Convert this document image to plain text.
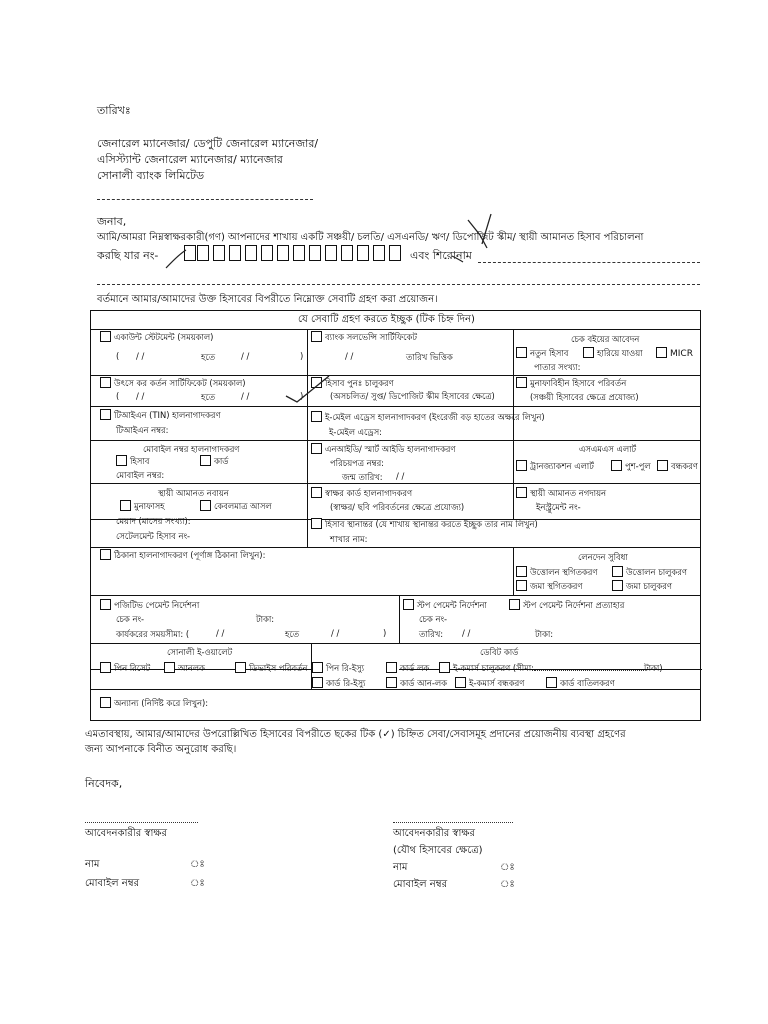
তারিখঃ
জেনারেল ম্যানেজার/ ডেপুটি জেনারেল ম্যানেজার/
এসিস্ট্যান্ট জেনারেল ম্যানেজার/ ম্যানেজার
সোনালী ব্যাংক লিমিটেড
জনাব,
আমি/আমরা নিম্নস্বাক্ষরকারী(গণ) আপনাদের শাখায় একটি সঞ্চয়ী/ চলতি/ এসএনডি/ ঋণ/ ডিপোজিট স্কীম/ স্থায়ী আমানত হিসাব পরিচালনা
করছি যার নং-	এবং শিরোনাম
বর্তমানে আমার/আমাদের উক্ত হিসাবের বিপরীতে নিম্নোক্ত সেবাটি গ্রহণ করা প্রয়োজন।
যে সেবাটি গ্রহণ করতে ইচ্ছুক (টিক চিহ্ন দিন)
একাউন্ট স্টেটমেন্ট (সময়কাল)
( / /	হতে	/ /	)
ব্যাংক সলভেন্সি সার্টিফিকেট
/ /	তারিখ ভিত্তিক
চেক বইয়ের আবেদন
নতুন হিসাব	হারিয়ে যাওয়া	MICR
পাতার সংখ্যা:
উৎসে কর কর্তন সার্টিফিকেট (সময়কাল)
( / /	হতে	/ /	)
হিসাব পুনঃ চালুকরণ
(অসচলিত/ সুপ্ত/ ডিপোজিট স্কীম হিসাবের ক্ষেত্রে)
মুনাফাবিহীন হিসাবে পরিবর্তন
(সঞ্চয়ী হিসাবের ক্ষেত্রে প্রযোজ্য)
টিআইএন (TIN) হালনাগাদকরণ
টিআইএন নম্বর:
ই-মেইল এড্রেস হালনাগাদকরণ (ইংরেজী বড় হাতের অক্ষরে লিখুন)
ই-মেইল এড্রেস:
মোবাইল নম্বর হালনাগাদকরণ
হিসাব	কার্ড
মোবাইল নম্বর:
এনআইডি/ স্মার্ট আইডি হালনাগাদকরণ
পরিচয়পত্র নম্বর:
জন্ম তারিখ: / /
এসএমএস এলার্ট
ট্রানজ্যাকশন এলার্ট	পুশ-পুল	বন্ধকরণ
স্থায়ী আমানত নবায়ন
মুনাফাসহ	কেবলমাত্র আসল
মেয়াদ (মাসের সংখ্যা):
সেটেলমেন্ট হিসাব নং-
স্বাক্ষর কার্ড হালনাগাদকরণ
(স্বাক্ষর/ ছবি পরিবর্তনের ক্ষেত্রে প্রযোজ্য)
স্থায়ী আমানত নগদায়ন
ইনস্ট্রুমেন্ট নং-
হিসাব স্থানান্তর (যে শাখায় স্থানান্তর করতে ইচ্ছুক তার নাম লিখুন)
শাখার নাম:
ঠিকানা হালনাগাদকরণ (পূর্ণাঙ্গ ঠিকানা লিখুন):	লেনদেন সুবিধা
উত্তোলন স্থগিতকরণ	উত্তোলন চালুকরণ
জমা স্থগিতকরণ	জমা চালুকরণ
পজিটিভ পেমেন্ট নির্দেশনা
চেক নং-	টাকা:
কার্যকরের সময়সীমা: (	/ /	হতে	/ /	)
স্টপ পেমেন্ট নির্দেশনা	স্টপ পেমেন্ট নির্দেশনা প্রত্যাহার
চেক নং-
তারিখ: / /	টাকা:
সোনালী ই-ওয়ালেট
পিন রিসেট	আনলক	ডিভাইস পরিবর্তন
ডেবিট কার্ড
পিন রি-ইস্যু	কার্ড লক	ই-কমার্স চালুকরণ (সীমা:	টাকা)
কার্ড রি-ইস্যু	কার্ড আন-লক	ই-কমার্স বন্ধকরণ	কার্ড বাতিলকরণ
অন্যান্য (নির্দিষ্ট করে লিখুন):
এমতাবস্থায়, আমার/আমাদের উপরোল্লিখিত হিসাবের বিপরীতে ছকের টিক (✓) চিহ্নিত সেবা/সেবাসমূহ প্রদানের প্রয়োজনীয় ব্যবস্থা গ্রহণের
জন্য আপনাকে বিনীত অনুরোধ করছি।
নিবেদক,
আবেদনকারীর স্বাক্ষর
নাম	ঃ
মোবাইল নম্বর	ঃ
আবেদনকারীর স্বাক্ষর
(যৌথ হিসাবের ক্ষেত্রে)
নাম	ঃ
মোবাইল নম্বর	ঃ
